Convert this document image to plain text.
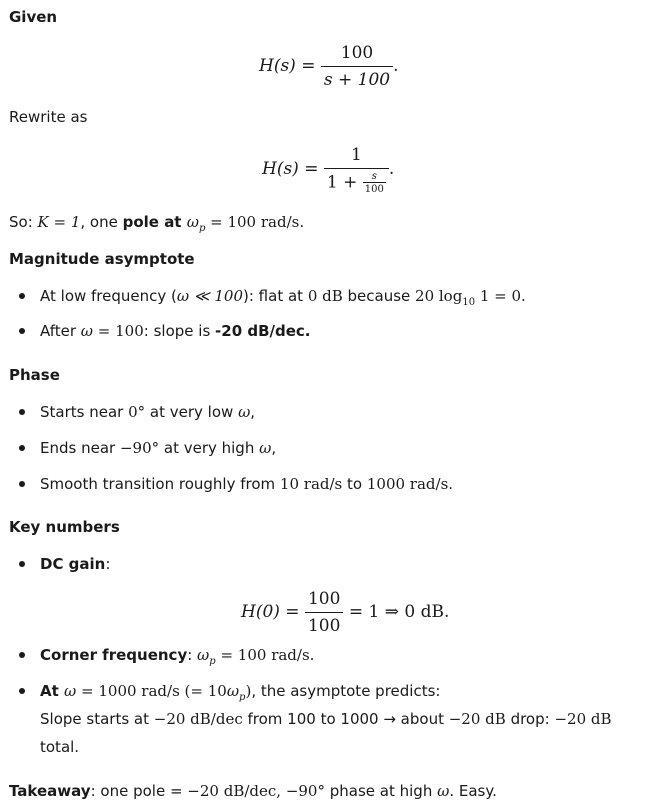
Given
$H(s) = \frac{100}{s + 100}$ .
Rewrite as
$H(s) = \frac{1}{1 + \frac{s}{100}}$ .
So: K = 1, one pole at $\omega_p = 100$ rad/s.
Magnitude asymptote
At low frequency (ω ≪ 100): flat at 0 dB because 20 $\log_{10} 1 = 0$.
After ω = 100: slope is -20 dB/dec.
Phase
Starts near 0° at very low ω,
Ends near −90° at very high ω,
Smooth transition roughly from 10 rad/s to 1000 rad/s.
Key numbers
DC gain:
$H(0) = \frac{100}{100} = 1$ ⇒ 0 dB.
Corner frequency: $\omega_p = 100$ rad/s.
At ω = 1000 rad/s (= $10\omega_p$), the asymptote predicts:
Slope starts at −20 dB/dec from 100 to 1000 → about −20 dB drop: −20 dB
total.
Takeaway: one pole = −20 dB/dec, −90° phase at high ω. Easy.
